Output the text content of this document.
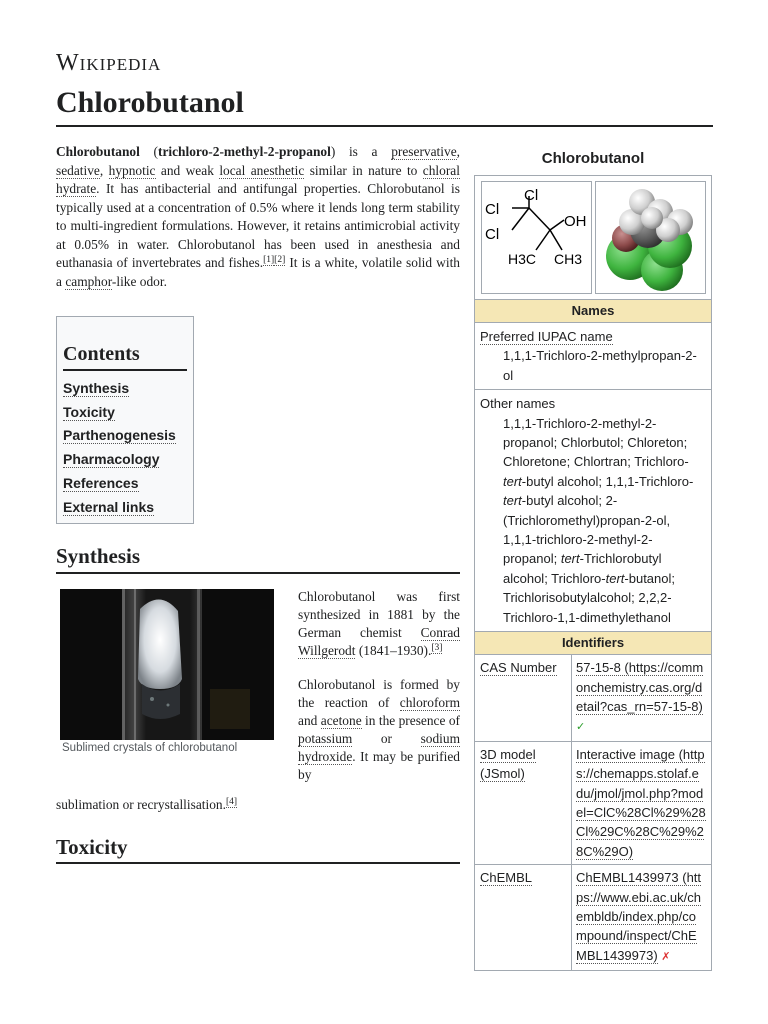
Wikipedia
Chlorobutanol
Chlorobutanol (trichloro-2-methyl-2-propanol) is a preservative, sedative, hypnotic and weak local anesthetic similar in nature to chloral hydrate. It has antibacterial and antifungal properties. Chlorobutanol is typically used at a concentration of 0.5% where it lends long term stability to multi-ingredient formulations. However, it retains antimicrobial activity at 0.05% in water. Chlorobutanol has been used in anesthesia and euthanasia of invertebrates and fishes.[1][2] It is a white, volatile solid with a camphor-like odor.
Contents
Synthesis
Toxicity
Parthenogenesis
Pharmacology
References
External links
Synthesis
Sublimed crystals of chlorobutanol
Chlorobutanol was first synthesized in 1881 by the German chemist Conrad Willgerodt (1841–1930).[3]
Chlorobutanol is formed by the reaction of chloroform and acetone in the presence of potassium or sodium hydroxide. It may be purified by
sublimation or recrystallisation.[4]
Toxicity
Chlorobutanol
Cl
Cl
Cl
OH
H3C CH3
Names
Preferred IUPAC name
1,1,1-Trichloro-2-methylpropan-2-ol
Other names
1,1,1-Trichloro-2-methyl-2-propanol; Chlorbutol; Chloreton; Chloretone; Chlortran; Trichloro-tert-butyl alcohol; 1,1,1-Trichloro-tert-butyl alcohol; 2-(Trichloromethyl)propan-2-ol, 1,1,1-trichloro-2-methyl-2-propanol; tert-Trichlorobutyl alcohol; Trichloro-tert-butanol; Trichlorisobutylalcohol; 2,2,2-Trichloro-1,1-dimethylethanol
Identifiers
CAS Number	57-15-8 (https://commonchemistry.cas.org/detail?cas_rn=57-15-8)✓
3D model (JSmol)
Interactive image (https://chemapps.stolaf.edu/jmol/jmol.php?model=ClC%28Cl%29%28Cl%29C%28C%29%28C%29O)
ChEMBL	ChEMBL1439973 (https://www.ebi.ac.uk/chembldb/index.php/compound/inspect/ChEMBL1439973) ✗
